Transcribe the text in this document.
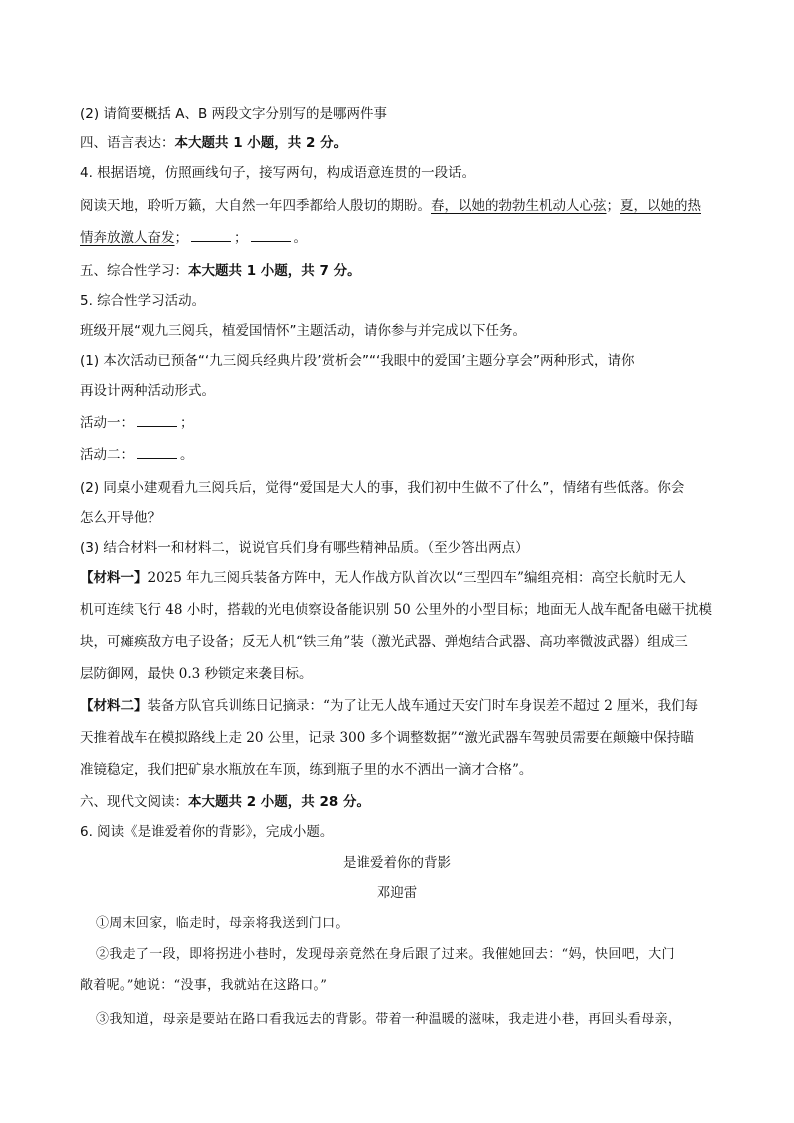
(2) 请简要概括 A、B 两段文字分别写的是哪两件事
四、语言表达：本大题共 1 小题，共 2 分。
4. 根据语境，仿照画线句子，接写两句，构成语意连贯的一段话。
阅读天地，聆听万籁，大自然一年四季都给人殷切的期盼。春，以她的勃勃生机动人心弦；夏，以她的热
情奔放激人奋发；	；	。
五、综合性学习：本大题共 1 小题，共 7 分。
5. 综合性学习活动。
班级开展“观九三阅兵，植爱国情怀”主题活动，请你参与并完成以下任务。
(1) 本次活动已预备“‘九三阅兵经典片段’赏析会”“‘我眼中的爱国’主题分享会”两种形式，请你
再设计两种活动形式。
活动一：	；
活动二：	。
(2) 同桌小建观看九三阅兵后，觉得“爱国是大人的事，我们初中生做不了什么”，情绪有些低落。你会
怎么开导他？
(3) 结合材料一和材料二，说说官兵们身有哪些精神品质。（至少答出两点）
【材料一】2025 年九三阅兵装备方阵中，无人作战方队首次以“三型四车”编组亮相：高空长航时无人
机可连续飞行 48 小时，搭载的光电侦察设备能识别 50 公里外的小型目标；地面无人战车配备电磁干扰模
块，可瘫痪敌方电子设备；反无人机“铁三角”装（激光武器、弹炮结合武器、高功率微波武器）组成三
层防御网，最快 0.3 秒锁定来袭目标。
【材料二】装备方队官兵训练日记摘录：“为了让无人战车通过天安门时车身误差不超过 2 厘米，我们每
天推着战车在模拟路线上走 20 公里，记录 300 多个调整数据”“激光武器车驾驶员需要在颠簸中保持瞄
准镜稳定，我们把矿泉水瓶放在车顶，练到瓶子里的水不洒出一滴才合格”。
六、现代文阅读：本大题共 2 小题，共 28 分。
6. 阅读《是谁爱着你的背影》，完成小题。
是谁爱着你的背影
邓迎雷
①周末回家，临走时，母亲将我送到门口。
②我走了一段，即将拐进小巷时，发现母亲竟然在身后跟了过来。我催她回去：“妈，快回吧，大门
敞着呢。”她说：“没事，我就站在这路口。”
③我知道，母亲是要站在路口看我远去的背影。带着一种温暖的滋味，我走进小巷，再回头看母亲，
